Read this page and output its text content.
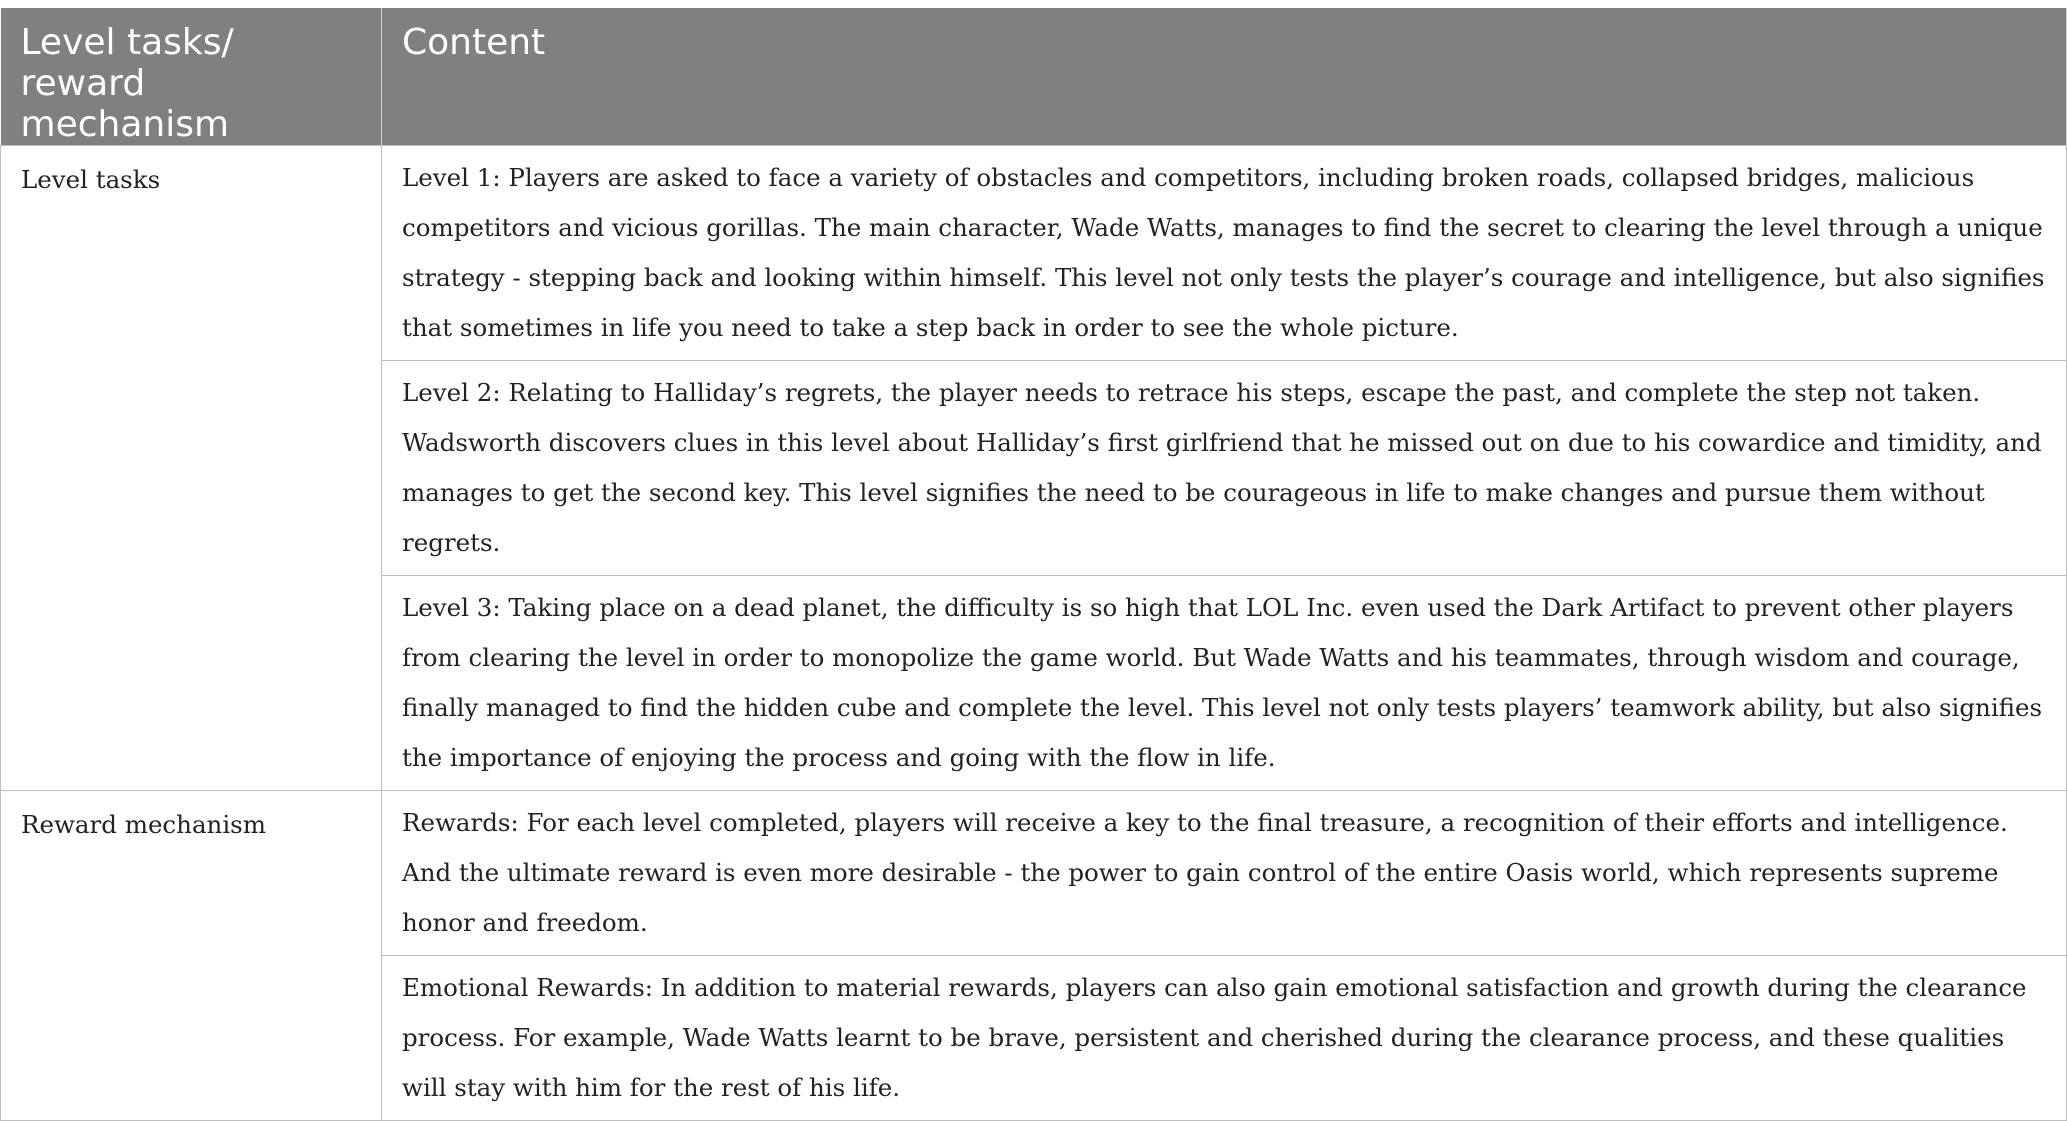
Level tasks/ reward mechanism	Content
Level tasks	Level 1: Players are asked to face a variety of obstacles and competitors, including broken roads, collapsed bridges, malicious competitors and vicious gorillas. The main character, Wade Watts, manages to find the secret to clearing the level through a unique strategy - stepping back and looking within himself. This level not only tests the player’s courage and intelligence, but also signifies that sometimes in life you need to take a step back in order to see the whole picture.
	Level 2: Relating to Halliday’s regrets, the player needs to retrace his steps, escape the past, and complete the step not taken. Wadsworth discovers clues in this level about Halliday’s first girlfriend that he missed out on due to his cowardice and timidity, and manages to get the second key. This level signifies the need to be courageous in life to make changes and pursue them without regrets.
	Level 3: Taking place on a dead planet, the difficulty is so high that LOL Inc. even used the Dark Artifact to prevent other players from clearing the level in order to monopolize the game world. But Wade Watts and his teammates, through wisdom and courage, finally managed to find the hidden cube and complete the level. This level not only tests players’ teamwork ability, but also signifies the importance of enjoying the process and going with the flow in life.
Reward mechanism	Rewards: For each level completed, players will receive a key to the final treasure, a recognition of their efforts and intelligence. And the ultimate reward is even more desirable - the power to gain control of the entire Oasis world, which represents supreme honor and freedom.
	Emotional Rewards: In addition to material rewards, players can also gain emotional satisfaction and growth during the clearance process. For example, Wade Watts learnt to be brave, persistent and cherished during the clearance process, and these qualities will stay with him for the rest of his life.
